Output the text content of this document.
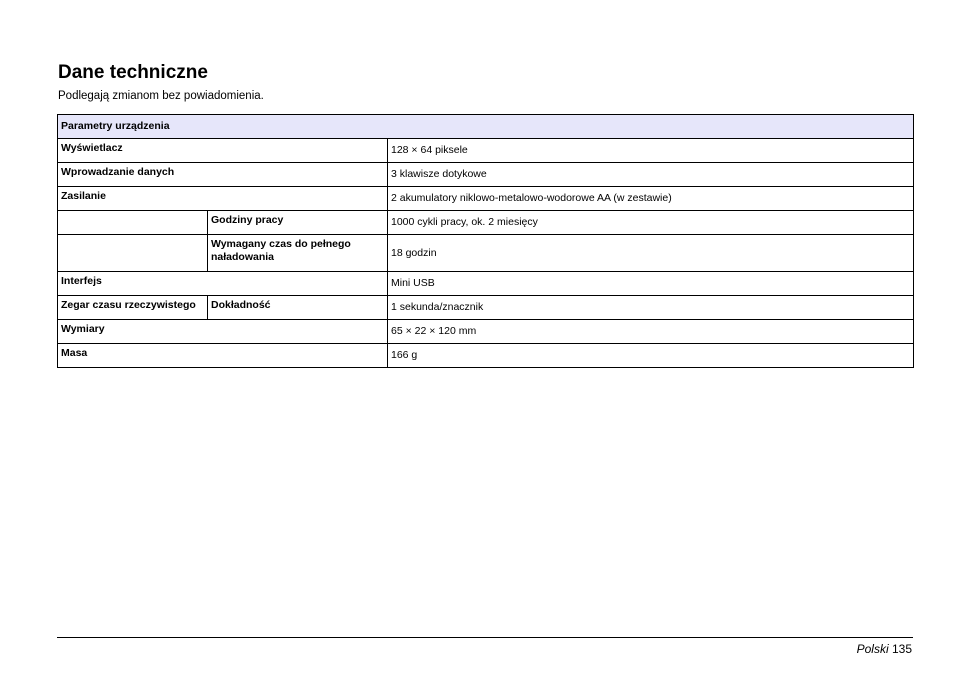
Dane techniczne

Podlegają zmianom bez powiadomienia.

Parametry urządzenia		
Wyświetlacz		128 × 64 piksele
Wprowadzanie danych		3 klawisze dotykowe
Zasilanie		2 akumulatory niklowo-metalowo-wodorowe AA (w zestawie)
	Godziny pracy	1000 cykli pracy, ok. 2 miesięcy
	Wymagany czas do pełnego naładowania	18 godzin
Interfejs		Mini USB
Zegar czasu rzeczywistego	Dokładność	1 sekunda/znacznik
Wymiary		65 × 22 × 120 mm
Masa		166 g
Polski 135
